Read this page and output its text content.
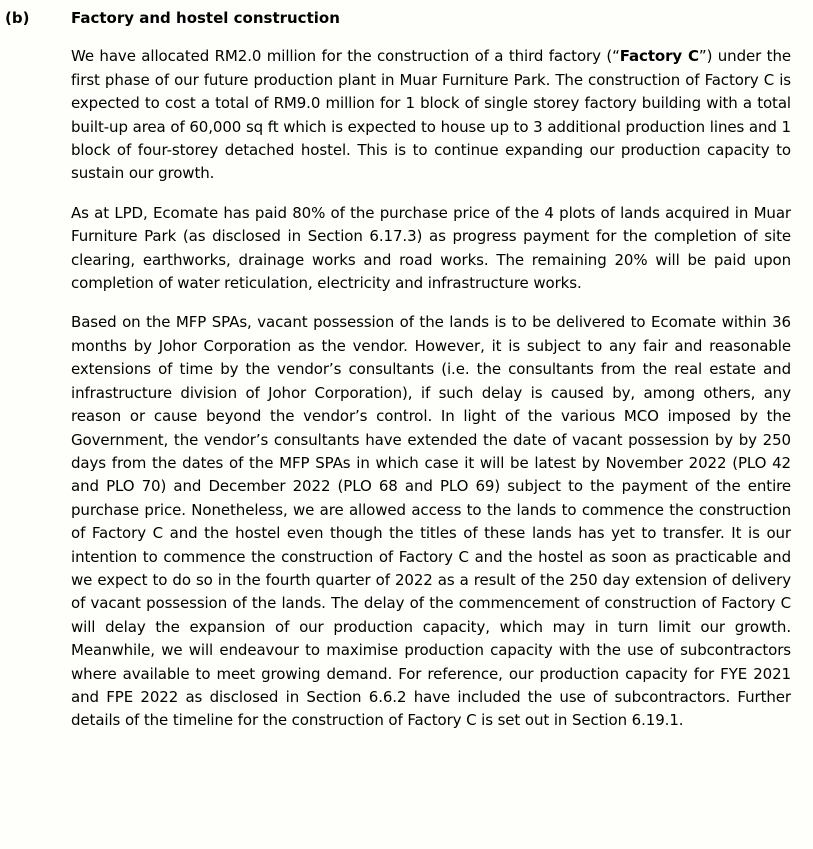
(b)	Factory and hostel construction

We have allocated RM2.0 million for the construction of a third factory (“Factory C”) under the first phase of our future production plant in Muar Furniture Park. The construction of Factory C is expected to cost a total of RM9.0 million for 1 block of single storey factory building with a total built-up area of 60,000 sq ft which is expected to house up to 3 additional production lines and 1 block of four-storey detached hostel. This is to continue expanding our production capacity to sustain our growth.

As at LPD, Ecomate has paid 80% of the purchase price of the 4 plots of lands acquired in Muar Furniture Park (as disclosed in Section 6.17.3) as progress payment for the completion of site clearing, earthworks, drainage works and road works. The remaining 20% will be paid upon completion of water reticulation, electricity and infrastructure works.

Based on the MFP SPAs, vacant possession of the lands is to be delivered to Ecomate within 36 months by Johor Corporation as the vendor. However, it is subject to any fair and reasonable extensions of time by the vendor’s consultants (i.e. the consultants from the real estate and infrastructure division of Johor Corporation), if such delay is caused by, among others, any reason or cause beyond the vendor’s control. In light of the various MCO imposed by the Government, the vendor’s consultants have extended the date of vacant possession by by 250 days from the dates of the MFP SPAs in which case it will be latest by November 2022 (PLO 42 and PLO 70) and December 2022 (PLO 68 and PLO 69) subject to the payment of the entire purchase price. Nonetheless, we are allowed access to the lands to commence the construction of Factory C and the hostel even though the titles of these lands has yet to transfer. It is our intention to commence the construction of Factory C and the hostel as soon as practicable and we expect to do so in the fourth quarter of 2022 as a result of the 250 day extension of delivery of vacant possession of the lands. The delay of the commencement of construction of Factory C will delay the expansion of our production capacity, which may in turn limit our growth. Meanwhile, we will endeavour to maximise production capacity with the use of subcontractors where available to meet growing demand. For reference, our production capacity for FYE 2021 and FPE 2022 as disclosed in Section 6.6.2 have included the use of subcontractors. Further details of the timeline for the construction of Factory C is set out in Section 6.19.1.
